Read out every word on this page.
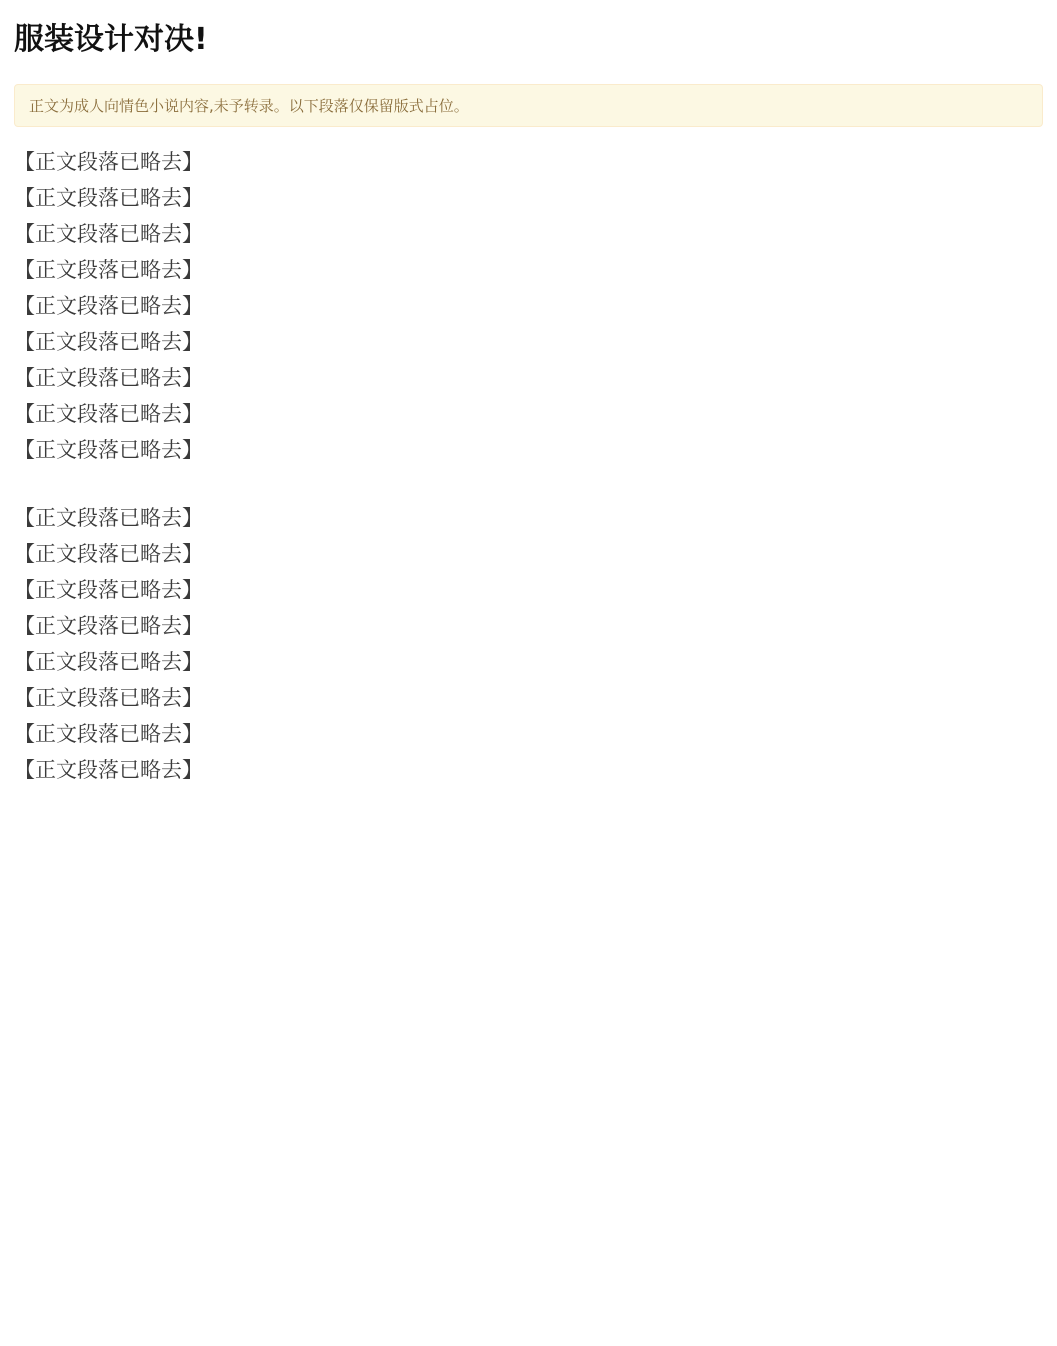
服装设计对决!
正文为成人向情色小说内容,未予转录。以下段落仅保留版式占位。

【正文段落已略去】

【正文段落已略去】

【正文段落已略去】

【正文段落已略去】

【正文段落已略去】

【正文段落已略去】

【正文段落已略去】

【正文段落已略去】

【正文段落已略去】

【正文段落已略去】

【正文段落已略去】

【正文段落已略去】

【正文段落已略去】

【正文段落已略去】

【正文段落已略去】

【正文段落已略去】

【正文段落已略去】
